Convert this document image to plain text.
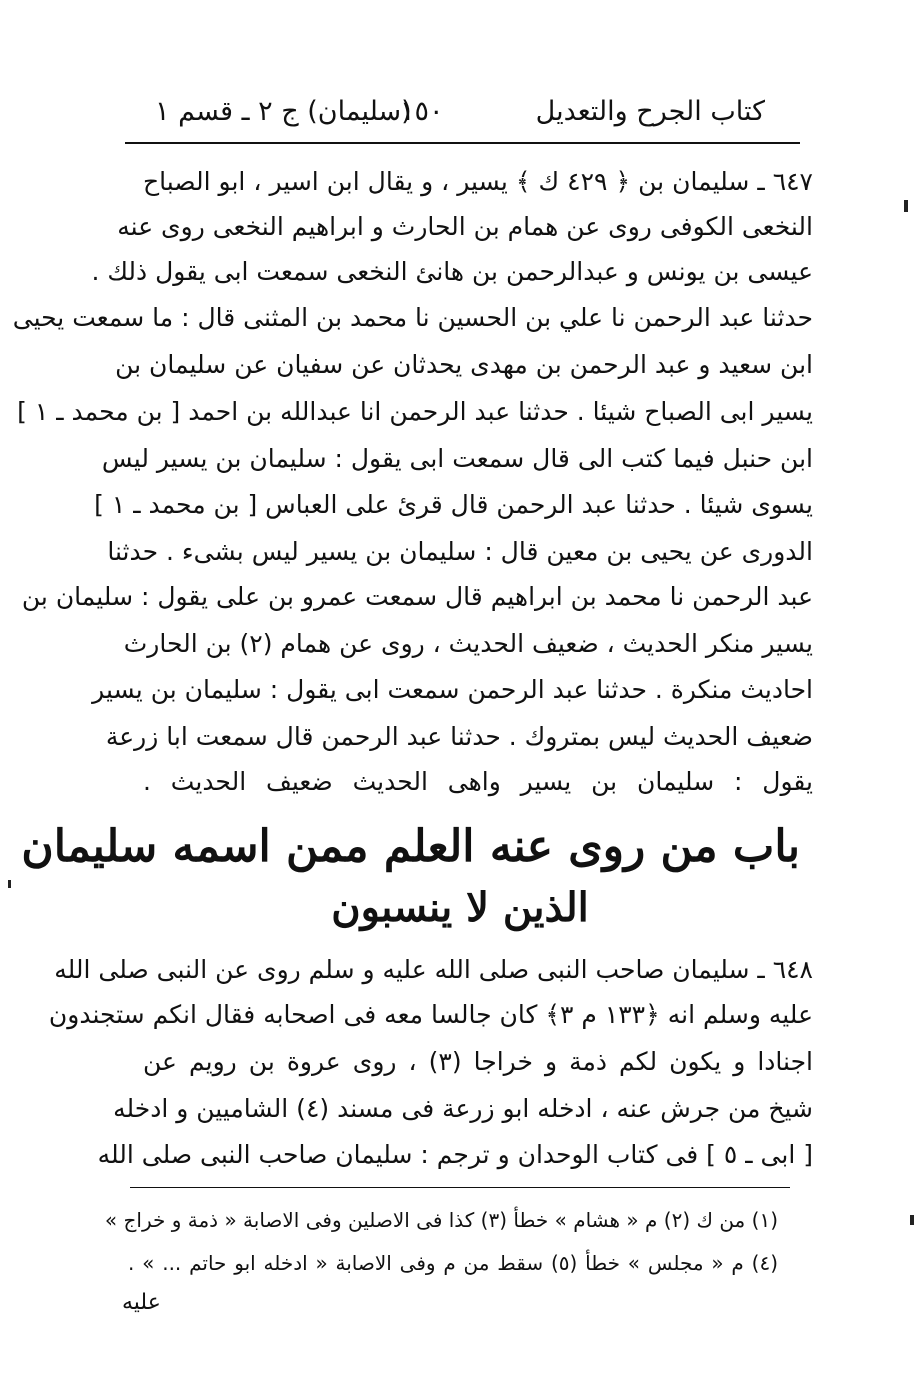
كتاب الجرح والتعديل
١٥٠
(سليمان) ج ٢ ـ قسم ١
٦٤٧ ـ سليمان بن ﴿ ٤٢٩ ك ﴾ يسير ، و يقال ابن اسير ، ابو الصباح
النخعى الكوفى روى عن همام بن الحارث و ابراهيم النخعى روى عنه
عيسى بن يونس و عبدالرحمن بن هانئ النخعى سمعت ابى يقول ذلك .
حدثنا عبد الرحمن نا علي بن الحسين نا محمد بن المثنى قال : ما سمعت يحيى
ابن سعيد و عبد الرحمن بن مهدى يحدثان عن سفيان عن سليمان بن
يسير ابى الصباح شيئا . حدثنا عبد الرحمن انا عبدالله بن احمد [ بن محمد ـ ١ ]
ابن حنبل فيما كتب الى قال سمعت ابى يقول : سليمان بن يسير ليس
يسوى شيئا . حدثنا عبد الرحمن قال قرئ على العباس [ بن محمد ـ ١ ]
الدورى عن يحيى بن معين قال : سليمان بن يسير ليس بشىء . حدثنا
عبد الرحمن نا محمد بن ابراهيم قال سمعت عمرو بن على يقول : سليمان بن
يسير منكر الحديث ، ضعيف الحديث ، روى عن همام (٢) بن الحارث
احاديث منكرة . حدثنا عبد الرحمن سمعت ابى يقول : سليمان بن يسير
ضعيف الحديث ليس بمتروك . حدثنا عبد الرحمن قال سمعت ابا زرعة
يقول : سليمان بن يسير واهى الحديث ضعيف الحديث .
باب من روى عنه العلم ممن اسمه سليمان
الذين لا ينسبون
٦٤٨ ـ سليمان صاحب النبى صلى الله عليه و سلم روى عن النبى صلى الله
عليه وسلم انه ﴿١٣٣ م ٣﴾ كان جالسا معه فى اصحابه فقال انكم ستجندون
اجنادا و يكون لكم ذمة و خراجا (٣) ، روى عروة بن رويم عن
شيخ من جرش عنه ، ادخله ابو زرعة فى مسند (٤) الشاميين و ادخله
[ ابى ـ ٥ ] فى كتاب الوحدان و ترجم : سليمان صاحب النبى صلى الله
(١) من ك (٢) م « هشام » خطأ (٣) كذا فى الاصلين وفى الاصابة « ذمة و خراج »
(٤) م « مجلس » خطأ (٥) سقط من م وفى الاصابة « ادخله ابو حاتم ... » .
عليه
